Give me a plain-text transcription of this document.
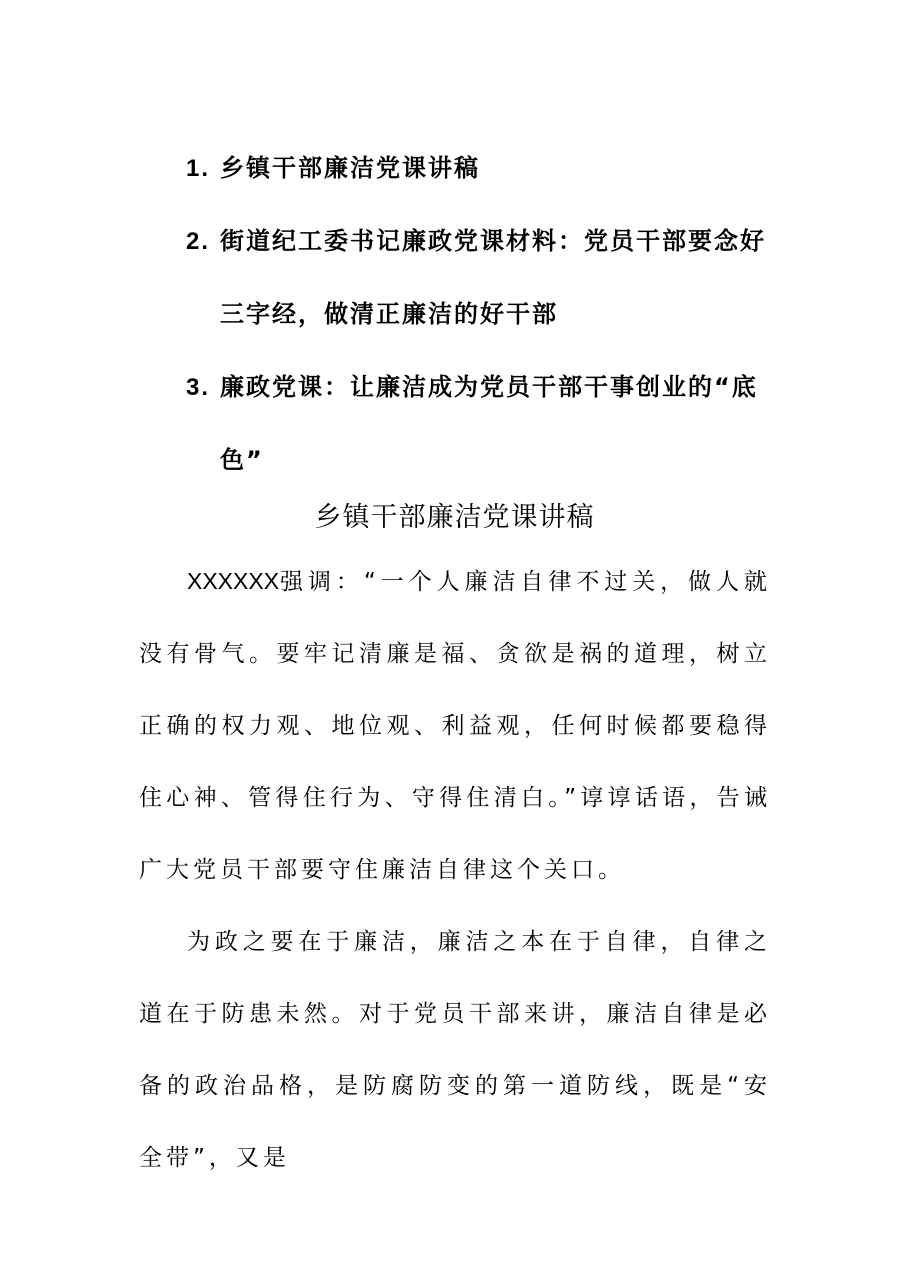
1. 乡镇干部廉洁党课讲稿
2. 街道纪工委书记廉政党课材料：党员干部要念好三字经，做清正廉洁的好干部
3. 廉政党课：让廉洁成为党员干部干事创业的“底色”
乡镇干部廉洁党课讲稿

XXXXXX强调：“一个人廉洁自律不过关，做人就没有骨气。要牢记清廉是福、贪欲是祸的道理，树立正确的权力观、地位观、利益观，任何时候都要稳得住心神、管得住行为、守得住清白。”谆谆话语，告诫广大党员干部要守住廉洁自律这个关口。

为政之要在于廉洁，廉洁之本在于自律，自律之道在于防患未然。对于党员干部来讲，廉洁自律是必备的政治品格，是防腐防变的第一道防线，既是“安全带”，又是
